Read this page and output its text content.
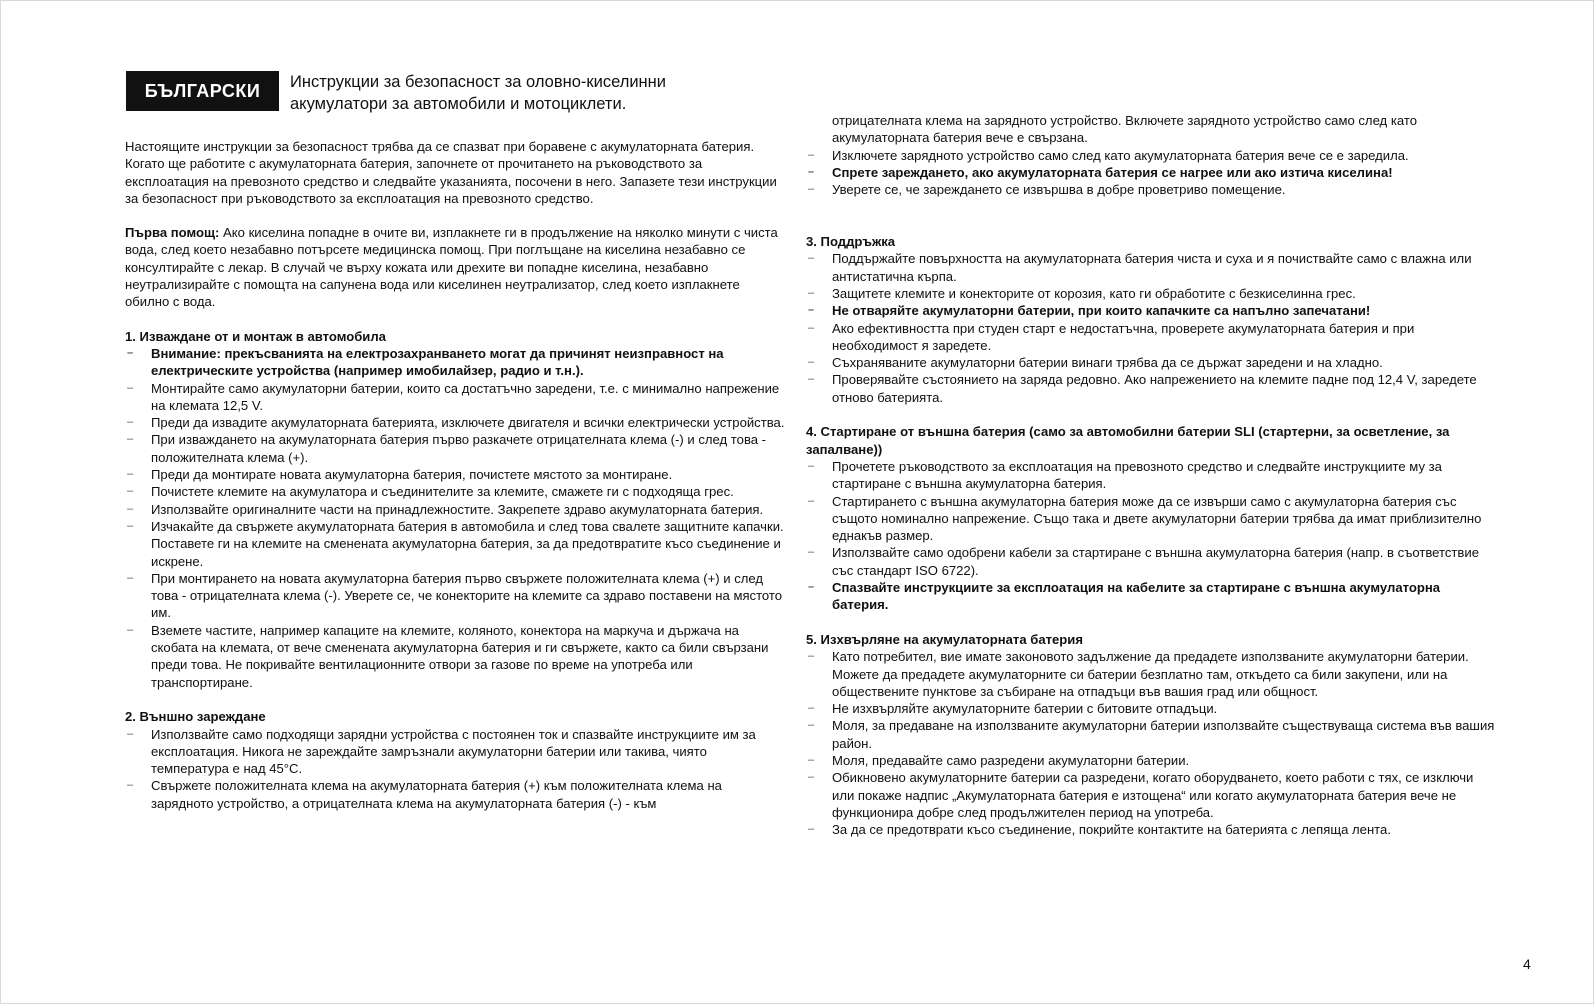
БЪЛГАРСКИ	Инструкции за безопасност за оловно-киселинни
акумулатори за автомобили и мотоциклети.

Настоящите инструкции за безопасност трябва да се спазват при боравене с акумулаторната батерия. Когато ще работите с акумулаторната батерия, започнете от прочитането на ръководството за експлоатация на превозното средство и следвайте указанията, посочени в него. Запазете тези инструкции за безопасност при ръководството за експлоатация на превозното средство.

Първа помощ: Ако киселина попадне в очите ви, изплакнете ги в продължение на няколко минути с чиста вода, след което незабавно потърсете медицинска помощ. При поглъщане на киселина незабавно се консултирайте с лекар. В случай че върху кожата или дрехите ви попадне киселина, незабавно неутрализирайте с помощта на сапунена вода или киселинен неутрализатор, след което изплакнете обилно с вода.

1. Изваждане от и монтаж в автомобила

– Внимание: прекъсванията на електрозахранването могат да причинят неизправност на електрическите устройства (например имобилайзер, радио и т.н.).
– Монтирайте само акумулаторни батерии, които са достатъчно заредени, т.е. с минимално напрежение на клемата 12,5 V.
– Преди да извадите акумулаторната батерията, изключете двигателя и всички електрически устройства.
– При изваждането на акумулаторната батерия първо разкачете отрицателната клема (-) и след това - положителната клема (+).
– Преди да монтирате новата акумулаторна батерия, почистете мястото за монтиране.
– Почистете клемите на акумулатора и съединителите за клемите, смажете ги с подходяща грес.
– Използвайте оригиналните части на принадлежностите. Закрепете здраво акумулаторната батерия.
– Изчакайте да свържете акумулаторната батерия в автомобила и след това свалете защитните капачки. Поставете ги на клемите на сменената акумулаторна батерия, за да предотвратите късо съединение и искрене.
– При монтирането на новата акумулаторна батерия първо свържете положителната клема (+) и след това - отрицателната клема (-). Уверете се, че конекторите на клемите са здраво поставени на мястото им.
– Вземете частите, например капаците на клемите, коляното, конектора на маркуча и държача на скобата на клемата, от вече сменената акумулаторна батерия и ги свържете, както са били свързани преди това. Не покривайте вентилационните отвори за газове по време на употреба или транспортиране.

2. Външно зареждане

– Използвайте само подходящи зарядни устройства с постоянен ток и спазвайте инструкциите им за експлоатация. Никога не зареждайте замръзнали акумулаторни батерии или такива, чиято температура е над 45°C.
– Свържете положителната клема на акумулаторната батерия (+) към положителната клема на зарядното устройство, а отрицателната клема на акумулаторната батерия (-) - към

отрицателната клема на зарядното устройство. Включете зарядното устройство само след като акумулаторната батерия вече е свързана.

– Изключете зарядното устройство само след като акумулаторната батерия вече се е заредила.
– Спрете зареждането, ако акумулаторната батерия се нагрее или ако изтича киселина!
– Уверете се, че зареждането се извършва в добре проветриво помещение.

3. Поддръжка

– Поддържайте повърхността на акумулаторната батерия чиста и суха и я почиствайте само с влажна или антистатична кърпа.
– Защитете клемите и конекторите от корозия, като ги обработите с безкиселинна грес.
– Не отваряйте акумулаторни батерии, при които капачките са напълно запечатани!
– Ако ефективността при студен старт е недостатъчна, проверете акумулаторната батерия и при необходимост я заредете.
– Съхраняваните акумулаторни батерии винаги трябва да се държат заредени и на хладно.
– Проверявайте състоянието на заряда редовно. Ако напрежението на клемите падне под 12,4 V, заредете отново батерията.

4. Стартиране от външна батерия (само за автомобилни батерии SLI (стартерни, за осветление, за запалване))

– Прочетете ръководството за експлоатация на превозното средство и следвайте инструкциите му за стартиране с външна акумулаторна батерия.
– Стартирането с външна акумулаторна батерия може да се извърши само с акумулаторна батерия със същото номинално напрежение. Също така и двете акумулаторни батерии трябва да имат приблизително еднакъв размер.
– Използвайте само одобрени кабели за стартиране с външна акумулаторна батерия (напр. в съответствие със стандарт ISO 6722).
– Спазвайте инструкциите за експлоатация на кабелите за стартиране с външна акумулаторна батерия.

5. Изхвърляне на акумулаторната батерия

– Като потребител, вие имате законовото задължение да предадете използваните акумулаторни батерии. Можете да предадете акумулаторните си батерии безплатно там, откъдето са били закупени, или на обществените пунктове за събиране на отпадъци във вашия град или общност.
– Не изхвърляйте акумулаторните батерии с битовите отпадъци.
– Моля, за предаване на използваните акумулаторни батерии използвайте съществуваща система във вашия район.
– Моля, предавайте само разредени акумулаторни батерии.
– Обикновено акумулаторните батерии са разредени, когато оборудването, което работи с тях, се изключи или покаже надпис „Акумулаторната батерия е изтощена“ или когато акумулаторната батерия вече не функционира добре след продължителен период на употреба.
– За да се предотврати късо съединение, покрийте контактите на батерията с лепяща лента.
4
